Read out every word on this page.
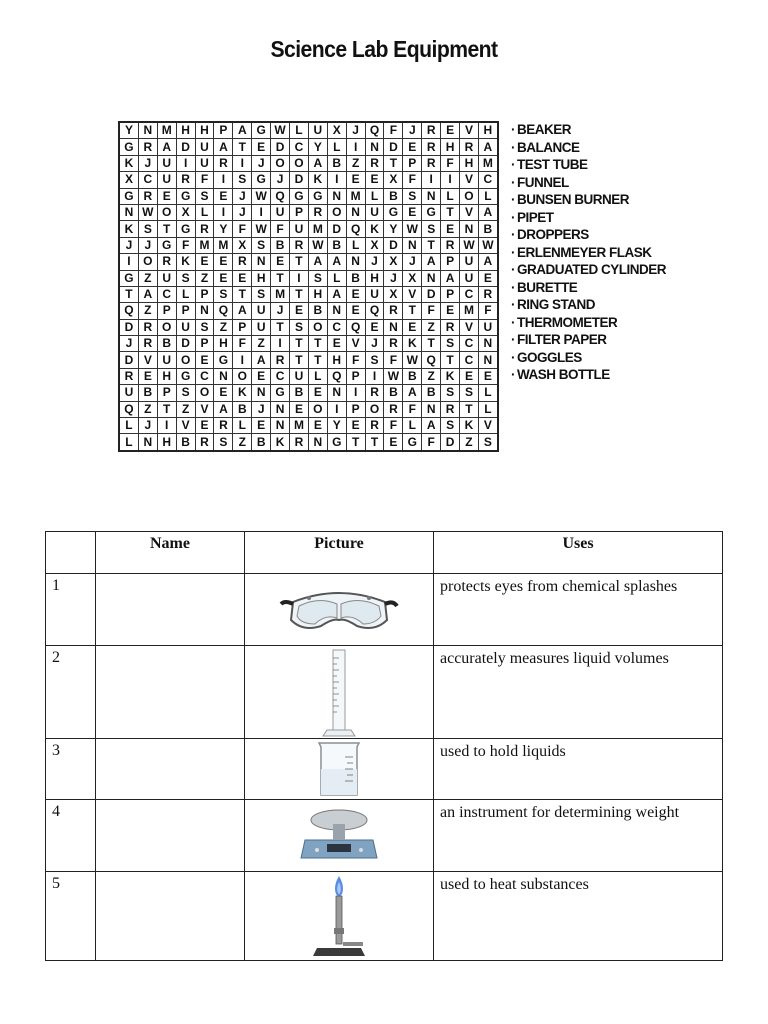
Science Lab Equipment
Y	N	M	H	H	P	A	G	W	L	U	X	J	Q	F	J	R	E	V	H
G	R	A	D	U	A	T	E	D	C	Y	L	I	N	D	E	R	H	R	A
K	J	U	I	U	R	I	J	O	O	A	B	Z	R	T	P	R	F	H	M
X	C	U	R	F	I	S	G	J	D	K	I	E	E	X	F	I	I	V	C
G	R	E	G	S	E	J	W	Q	G	G	N	M	L	B	S	N	L	O	L
N	W	O	X	L	I	J	I	U	P	R	O	N	U	G	E	G	T	V	A
K	S	T	G	R	Y	F	W	F	U	M	D	Q	K	Y	W	S	E	N	B
J	J	G	F	M	M	X	S	B	R	W	B	L	X	D	N	T	R	W	W
I	O	R	K	E	E	R	N	E	T	A	A	N	J	X	J	A	P	U	A
G	Z	U	S	Z	E	E	H	T	I	S	L	B	H	J	X	N	A	U	E
T	A	C	L	P	S	T	S	M	T	H	A	E	U	X	V	D	P	C	R
Q	Z	P	P	N	Q	A	U	J	E	B	N	E	Q	R	T	F	E	M	F
D	R	O	U	S	Z	P	U	T	S	O	C	Q	E	N	E	Z	R	V	U
J	R	B	D	P	H	F	Z	I	T	T	E	V	J	R	K	T	S	C	N
D	V	U	O	E	G	I	A	R	T	T	H	F	S	F	W	Q	T	C	N
R	E	H	G	C	N	O	E	C	U	L	Q	P	I	W	B	Z	K	E	E
U	B	P	S	O	E	K	N	G	B	E	N	I	R	B	A	B	S	S	L
Q	Z	T	Z	V	A	B	J	N	E	O	I	P	O	R	F	N	R	T	L
L	J	I	V	E	R	L	E	N	M	E	Y	E	R	F	L	A	S	K	V
L	N	H	B	R	S	Z	B	K	R	N	G	T	T	E	G	F	D	Z	S
· BEAKER
· BALANCE
· TEST TUBE
· FUNNEL
· BUNSEN BURNER
· PIPET
· DROPPERS
· ERLENMEYER FLASK
· GRADUATED CYLINDER
· BURETTE
· RING STAND
· THERMOMETER
· FILTER PAPER
· GOGGLES
· WASH BOTTLE
	Name	Picture	Uses
1			protects eyes from chemical splashes
2			accurately measures liquid volumes
3			used to hold liquids
4			an instrument for determining weight
5			used to heat substances
